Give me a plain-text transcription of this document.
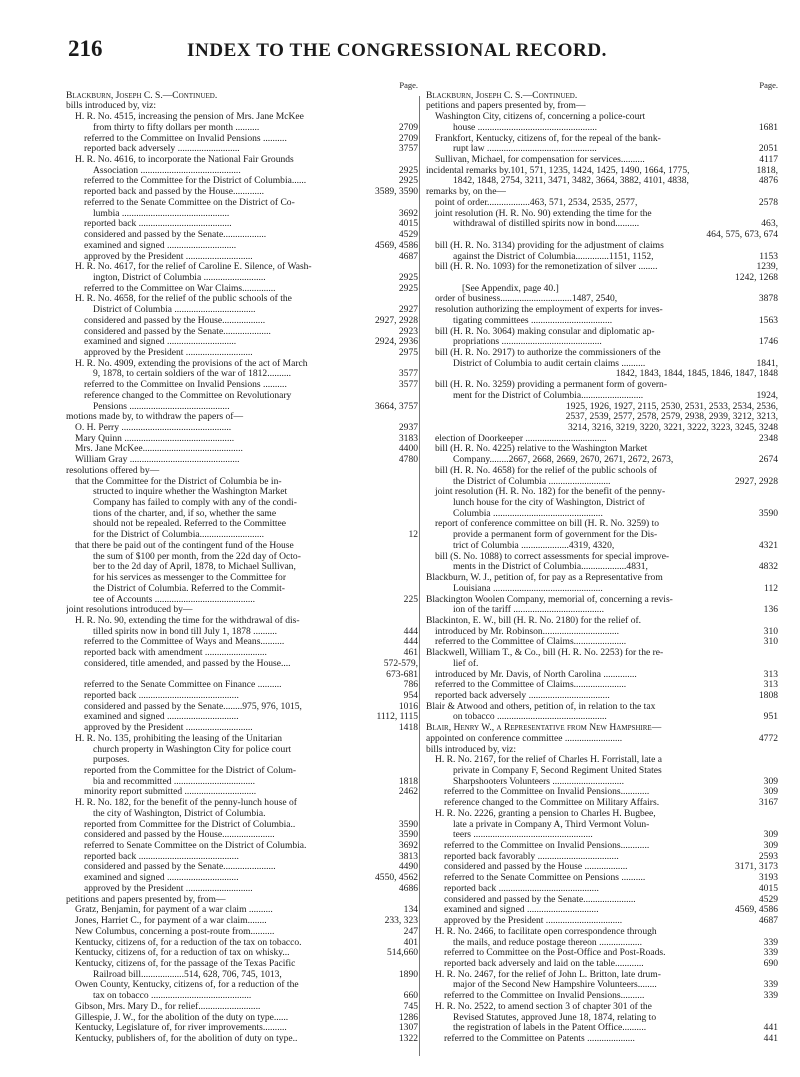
216	INDEX TO THE CONGRESSIONAL RECORD.
Page.
Blackburn, Joseph C. S.—Continued.
bills introduced by, viz:
H. R. No. 4515, increasing the pension of Mrs. Jane McKee
from thirty to fifty dollars per month ..........	2709
referred to the Committee on Invalid Pensions ..........	2709
reported back adversely ..........................	3757
H. R. No. 4616, to incorporate the National Fair Grounds
Association ..........................................	2925
referred to the Committee for the District of Columbia......	2925
reported back and passed by the House.............	3589, 3590
referred to the Senate Committee on the District of Co-
lumbia .............................................	3692
reported back .......................................	4015
considered and passed by the Senate..................	4529
examined and signed .............................	4569, 4586
approved by the President ............................	4687
H. R. No. 4617, for the relief of Caroline E. Silence, of Wash-
ington, District of Columbia ..........................	2925
referred to the Committee on War Claims..............	2925
H. R. No. 4658, for the relief of the public schools of the
District of Columbia ..................................	2927
considered and passed by the House..................	2927, 2928
considered and passed by the Senate....................	2923
examined and signed .............................	2924, 2936
approved by the President ............................	2975
H. R. No. 4909, extending the provisions of the act of March
9, 1878, to certain soldiers of the war of 1812..........	3577
referred to the Committee on Invalid Pensions ..........	3577
reference changed to the Committee on Revolutionary
Pensions ..........................................	3664, 3757
motions made by, to withdraw the papers of—
O. H. Perry ..............................................	2937
Mary Quinn ..............................................	3183
Mrs. Jane McKee..........................................	4400
William Gray ..............................................	4780
resolutions offered by—
that the Committee for the District of Columbia be in-
structed to inquire whether the Washington Market
Company has failed to comply with any of the condi-
tions of the charter, and, if so, whether the same
should not be repealed. Referred to the Committee
for the District of Columbia...........................	12
that there be paid out of the contingent fund of the House
the sum of $100 per month, from the 22d day of Octo-
ber to the 2d day of April, 1878, to Michael Sullivan,
for his services as messenger to the Committee for
the District of Columbia. Referred to the Commit-
tee of Accounts ..........................................	225
joint resolutions introduced by—
H. R. No. 90, extending the time for the withdrawal of dis-
tilled spirits now in bond till July 1, 1878 ..........	444
referred to the Committee of Ways and Means..........	444
reported back with amendment ..........................	461
considered, title amended, and passed by the House....	572-579,
673-681
referred to the Senate Committee on Finance ..........	786
reported back ..........................................	954
considered and passed by the Senate........975, 976, 1015,	1016
examined and signed ..............................	1112, 1115
approved by the President ............................	1418
H. R. No. 135, prohibiting the leasing of the Unitarian
church property in Washington City for police court
purposes.
reported from the Committee for the District of Colum-
bia and recommitted ..................................	1818
minority report submitted ..............................	2462
H. R. No. 182, for the benefit of the penny-lunch house of
the city of Washington, District of Columbia.
reported from Committee for the District of Columbia..	3590
considered and passed by the House......................	3590
referred to Senate Committee on the District of Columbia.	3692
reported back ..........................................	3813
considered and passed by the Senate......................	4490
examined and signed ..............................	4550, 4562
approved by the President ............................	4686
petitions and papers presented by, from—
Gratz, Benjamin, for payment of a war claim ..........	134
Jones, Harriet C., for payment of a war claim........	233, 323
New Columbus, concerning a post-route from..........	247
Kentucky, citizens of, for a reduction of the tax on tobacco.	401
Kentucky, citizens of, for a reduction of tax on whisky...	514,660
Kentucky, citizens of, for the passage of the Texas Pacific
Railroad bill..................514, 628, 706, 745, 1013,	1890
Owen County, Kentucky, citizens of, for a reduction of the
tax on tobacco ..........................................	660
Gibson, Mrs. Mary D., for relief..........................	745
Gillespie, J. W., for the abolition of the duty on type......	1286
Kentucky, Legislature of, for river improvements..........	1307
Kentucky, publishers of, for the abolition of duty on type..	1322
Page.
Blackburn, Joseph C. S.—Continued.
petitions and papers presented by, from—
Washington City, citizens of, concerning a police-court
house ..................................................	1681
Frankfort, Kentucky, citizens of, for the repeal of the bank-
rupt law ..............................................	2051
Sullivan, Michael, for compensation for services..........	4117
incidental remarks by.101, 571, 1235, 1424, 1425, 1490, 1664, 1775,	1818,
1842, 1848, 2754, 3211, 3471, 3482, 3664, 3882, 4101, 4838,	4876
remarks by, on the—
point of order..................463, 571, 2534, 2535, 2577,	2578
joint resolution (H. R. No. 90) extending the time for the
withdrawal of distilled spirits now in bond..........	463,
464, 575, 673, 674
bill (H. R. No. 3134) providing for the adjustment of claims
against the District of Columbia..............1151, 1152,	1153
bill (H. R. No. 1093) for the remonetization of silver ........	1239,
1242, 1268
[See Appendix, page 40.]
order of business..............................1487, 2540,	3878
resolution authorizing the employment of experts for inves-
tigating committees ..................................	1563
bill (H. R. No. 3064) making consular and diplomatic ap-
propriations ..........................................	1746
bill (H. R. No. 2917) to authorize the commissioners of the
District of Columbia to audit certain claims ..........	1841,
1842, 1843, 1844, 1845, 1846, 1847, 1848
bill (H. R. No. 3259) providing a permanent form of govern-
ment for the District of Columbia..........................	1924,
1925, 1926, 1927, 2115, 2530, 2531, 2533, 2534, 2536,
2537, 2539, 2577, 2578, 2579, 2938, 2939, 3212, 3213,
3214, 3216, 3219, 3220, 3221, 3222, 3223, 3245, 3248
election of Doorkeeper ..................................	2348
bill (H. R. No. 4225) relative to the Washington Market
Company........2667, 2668, 2669, 2670, 2671, 2672, 2673,	2674
bill (H. R. No. 4658) for the relief of the public schools of
the District of Columbia ..........................	2927, 2928
joint resolution (H. R. No. 182) for the benefit of the penny-
lunch house for the city of Washington, District of
Columbia ..............................................	3590
report of conference committee on bill (H. R. No. 3259) to
provide a permanent form of government for the Dis-
trict of Columbia ....................4319, 4320,	4321
bill (S. No. 1088) to correct assessments for special improve-
ments in the District of Columbia...................4831,	4832
Blackburn, W. J., petition of, for pay as a Representative from
Louisiana ..............................................	112
Blackington Woolen Company, memorial of, concerning a revis-
ion of the tariff ......................................	136
Blackinton, E. W., bill (H. R. No. 2180) for the relief of.
introduced by Mr. Robinson................................	310
referred to the Committee of Claims......................	310
Blackwell, William T., & Co., bill (H. R. No. 2253) for the re-
lief of.
introduced by Mr. Davis, of North Carolina ..............	313
referred to the Committee of Claims......................	313
reported back adversely ..................................	1808
Blair & Atwood and others, petition of, in relation to the tax
on tobacco ..............................................	951
Blair, Henry W., a Representative from New Hampshire—
appointed on conference committee ........................	4772
bills introduced by, viz:
H. R. No. 2167, for the relief of Charles H. Forristall, late a
private in Company F, Second Regiment United States
Sharpshooters Volunteers ..............................	309
referred to the Committee on Invalid Pensions............	309
reference changed to the Committee on Military Affairs.	3167
H. R. No. 2226, granting a pension to Charles H. Bugbee,
late a private in Company A, Third Vermont Volun-
teers ..................................................	309
referred to the Committee on Invalid Pensions............	309
reported back favorably ..................................	2593
considered and passed by the House ..................	3171, 3173
referred to the Senate Committee on Pensions ..........	3193
reported back ..........................................	4015
considered and passed by the Senate......................	4529
examined and signed ..............................	4569, 4586
approved by the President ................................	4687
H. R. No. 2466, to facilitate open correspondence through
the mails, and reduce postage thereon ..................	339
referred to Committee on the Post-Office and Post-Roads.	339
reported back adversely and laid on the table............	690
H. R. No. 2467, for the relief of John L. Britton, late drum-
major of the Second New Hampshire Volunteers........	339
referred to the Committee on Invalid Pensions..........	339
H. R. No. 2522, to amend section 3 of chapter 301 of the
Revised Statutes, approved June 18, 1874, relating to
the registration of labels in the Patent Office..........	441
referred to the Committee on Patents ....................	441
